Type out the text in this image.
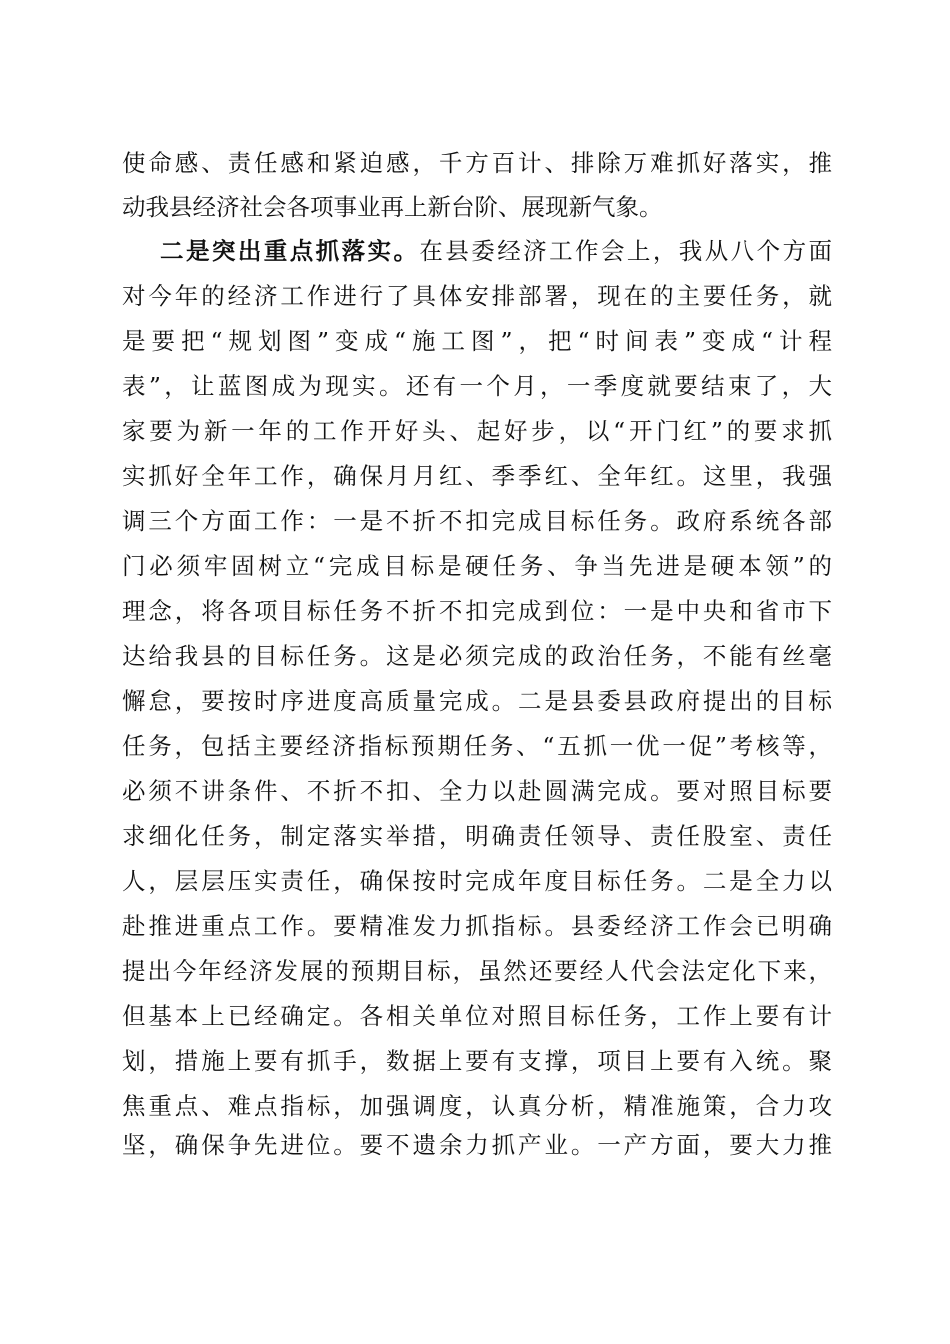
使命感、责任感和紧迫感，千方百计、排除万难抓好落实，推
动我县经济社会各项事业再上新台阶、展现新气象。
二是突出重点抓落实。在县委经济工作会上，我从八个方面
对今年的经济工作进行了具体安排部署，现在的主要任务，就
是要把“规划图”变成“施工图”，把“时间表”变成“计程
表”，让蓝图成为现实。还有一个月，一季度就要结束了，大
家要为新一年的工作开好头、起好步，以“开门红”的要求抓
实抓好全年工作，确保月月红、季季红、全年红。这里，我强
调三个方面工作：一是不折不扣完成目标任务。政府系统各部
门必须牢固树立“完成目标是硬任务、争当先进是硬本领”的
理念，将各项目标任务不折不扣完成到位：一是中央和省市下
达给我县的目标任务。这是必须完成的政治任务，不能有丝毫
懈怠，要按时序进度高质量完成。二是县委县政府提出的目标
任务，包括主要经济指标预期任务、“五抓一优一促”考核等，
必须不讲条件、不折不扣、全力以赴圆满完成。要对照目标要
求细化任务，制定落实举措，明确责任领导、责任股室、责任
人，层层压实责任，确保按时完成年度目标任务。二是全力以
赴推进重点工作。要精准发力抓指标。县委经济工作会已明确
提出今年经济发展的预期目标，虽然还要经人代会法定化下来，
但基本上已经确定。各相关单位对照目标任务，工作上要有计
划，措施上要有抓手，数据上要有支撑，项目上要有入统。聚
焦重点、难点指标，加强调度，认真分析，精准施策，合力攻
坚，确保争先进位。要不遗余力抓产业。一产方面，要大力推
